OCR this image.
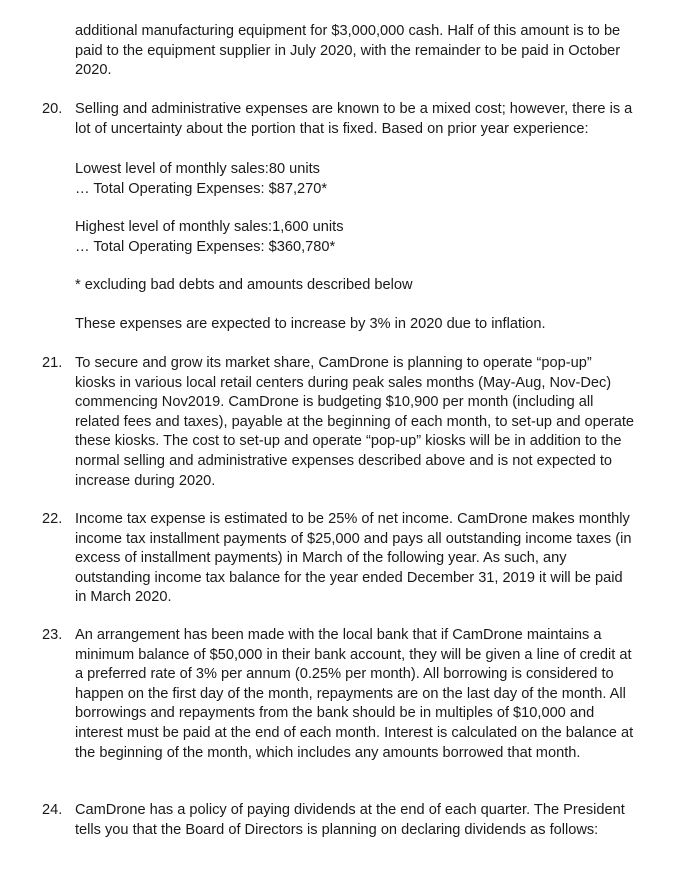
additional manufacturing equipment for $3,000,000 cash. Half of this amount is to be paid to the equipment supplier in July 2020, with the remainder to be paid in October 2020.

20. Selling and administrative expenses are known to be a mixed cost; however, there is a lot of uncertainty about the portion that is fixed. Based on prior year experience:

Lowest level of monthly sales:80 units

… Total Operating Expenses: $87,270*

Highest level of monthly sales:1,600 units

… Total Operating Expenses: $360,780*

* excluding bad debts and amounts described below

These expenses are expected to increase by 3% in 2020 due to inflation.

21. To secure and grow its market share, CamDrone is planning to operate “pop-up” kiosks in various local retail centers during peak sales months (May-Aug, Nov-Dec) commencing Nov2019. CamDrone is budgeting $10,900 per month (including all related fees and taxes), payable at the beginning of each month, to set-up and operate these kiosks. The cost to set-up and operate “pop-up” kiosks will be in addition to the normal selling and administrative expenses described above and is not expected to increase during 2020.

22. Income tax expense is estimated to be 25% of net income. CamDrone makes monthly income tax installment payments of $25,000 and pays all outstanding income taxes (in excess of installment payments) in March of the following year. As such, any outstanding income tax balance for the year ended December 31, 2019 it will be paid in March 2020.

23. An arrangement has been made with the local bank that if CamDrone maintains a minimum balance of $50,000 in their bank account, they will be given a line of credit at a preferred rate of 3% per annum (0.25% per month). All borrowing is considered to happen on the first day of the month, repayments are on the last day of the month. All borrowings and repayments from the bank should be in multiples of $10,000 and interest must be paid at the end of each month. Interest is calculated on the balance at the beginning of the month, which includes any amounts borrowed that month.

24. CamDrone has a policy of paying dividends at the end of each quarter. The President tells you that the Board of Directors is planning on declaring dividends as follows:
